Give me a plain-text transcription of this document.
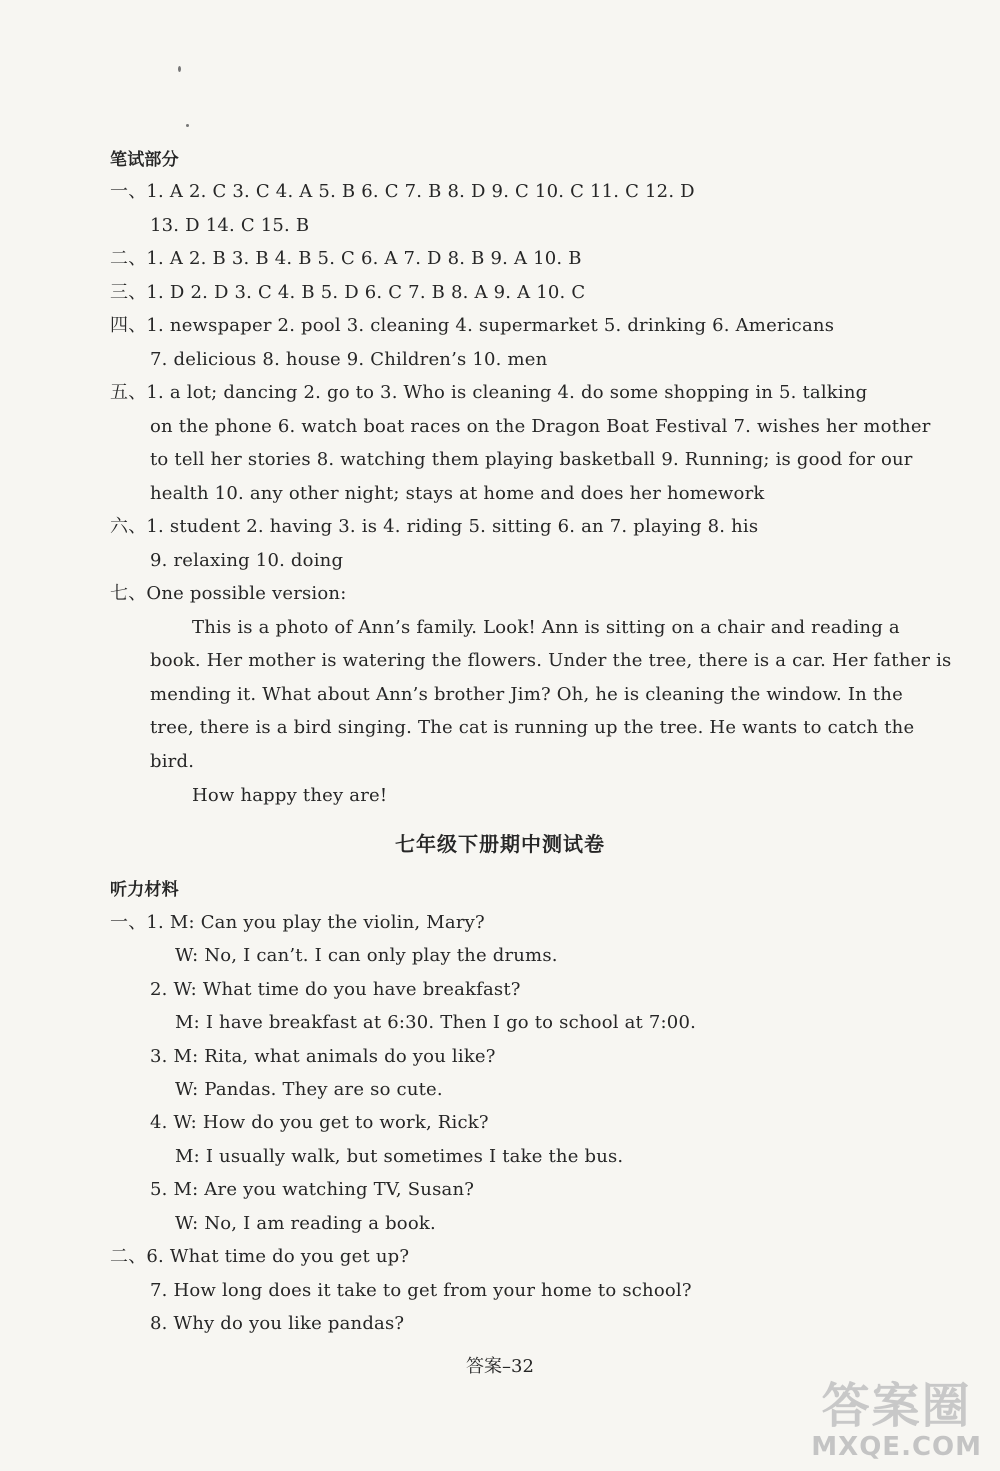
笔试部分
一、1. A 2. C 3. C 4. A 5. B 6. C 7. B 8. D 9. C 10. C 11. C 12. D
13. D 14. C 15. B
二、1. A 2. B 3. B 4. B 5. C 6. A 7. D 8. B 9. A 10. B
三、1. D 2. D 3. C 4. B 5. D 6. C 7. B 8. A 9. A 10. C
四、1. newspaper 2. pool 3. cleaning 4. supermarket 5. drinking 6. Americans
7. delicious 8. house 9. Children’s 10. men
五、1. a lot; dancing 2. go to 3. Who is cleaning 4. do some shopping in 5. talking
on the phone 6. watch boat races on the Dragon Boat Festival 7. wishes her mother
to tell her stories 8. watching them playing basketball 9. Running; is good for our
health 10. any other night; stays at home and does her homework
六、1. student 2. having 3. is 4. riding 5. sitting 6. an 7. playing 8. his
9. relaxing 10. doing
七、One possible version:
This is a photo of Ann’s family. Look! Ann is sitting on a chair and reading a
book. Her mother is watering the flowers. Under the tree, there is a car. Her father is
mending it. What about Ann’s brother Jim? Oh, he is cleaning the window. In the
tree, there is a bird singing. The cat is running up the tree. He wants to catch the
bird.
How happy they are!
七年级下册期中测试卷
听力材料
一、1. M: Can you play the violin, Mary?
W: No, I can’t. I can only play the drums.
2. W: What time do you have breakfast?
M: I have breakfast at 6:30. Then I go to school at 7:00.
3. M: Rita, what animals do you like?
W: Pandas. They are so cute.
4. W: How do you get to work, Rick?
M: I usually walk, but sometimes I take the bus.
5. M: Are you watching TV, Susan?
W: No, I am reading a book.
二、6. What time do you get up?
7. How long does it take to get from your home to school?
8. Why do you like pandas?
答案–32
答案圈
MXQE.COM
